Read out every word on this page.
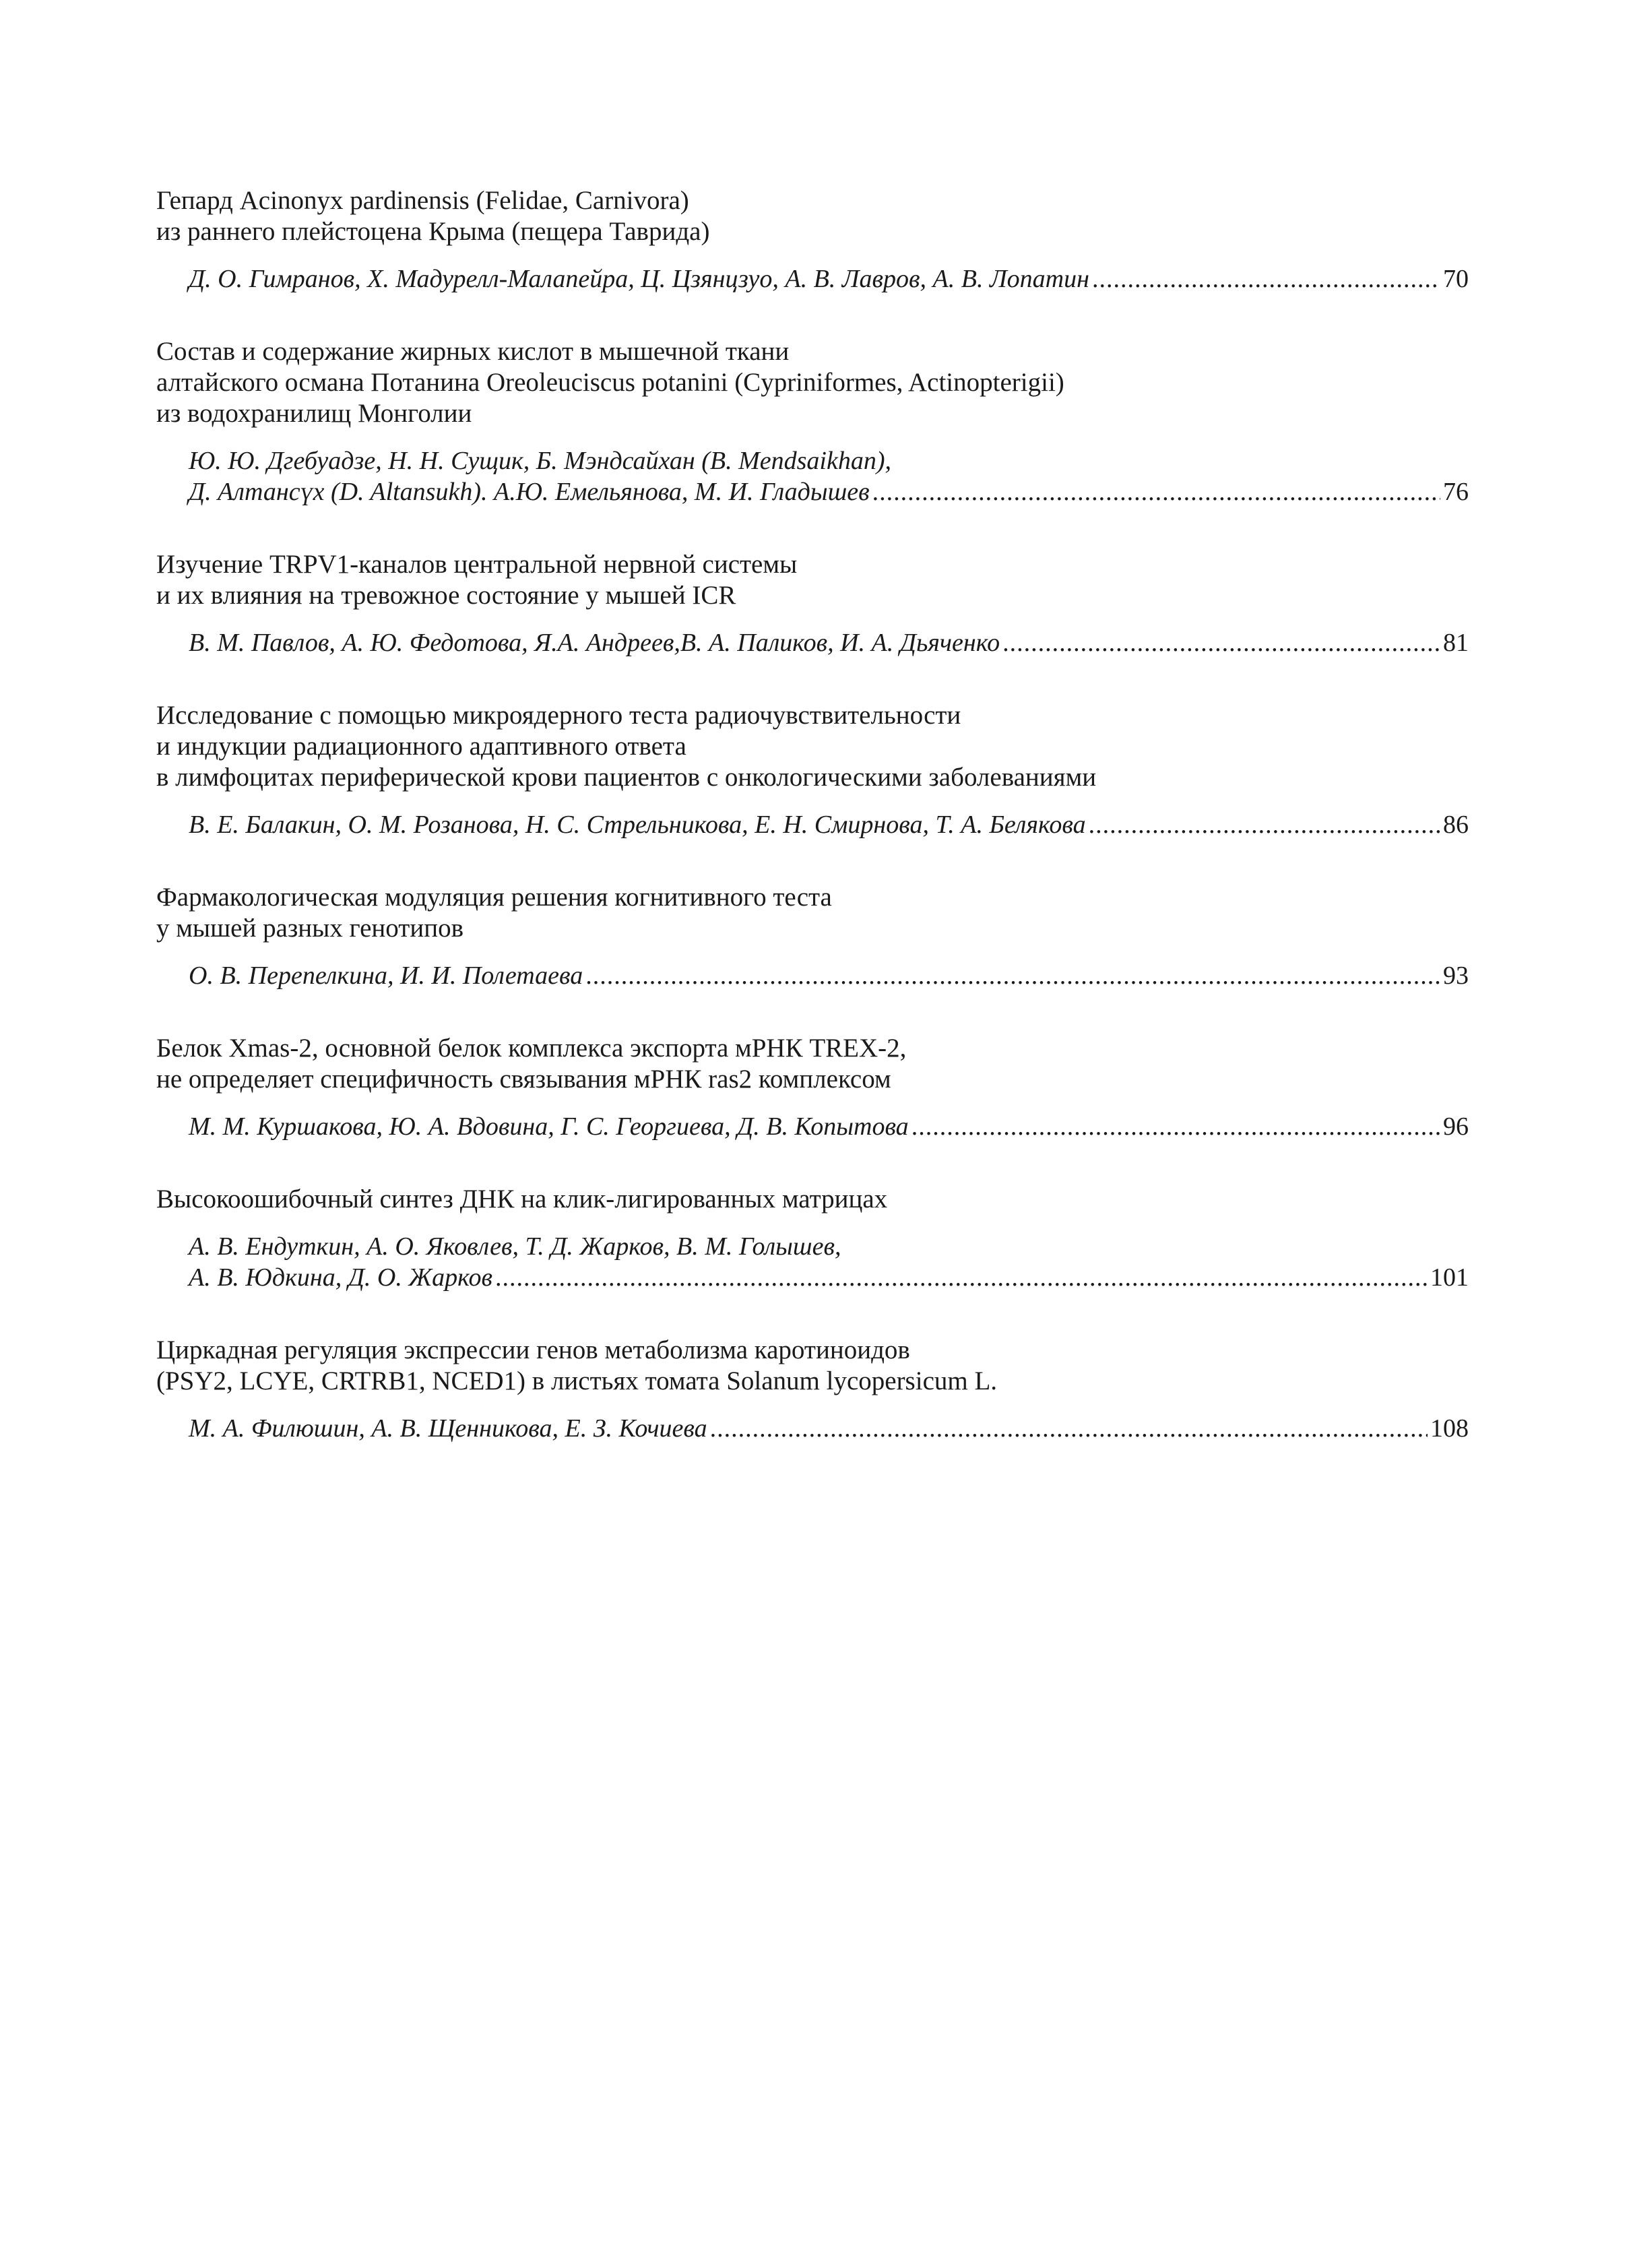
Гепард Acinonyx pardinensis (Felidae, Carnivora)
из раннего плейстоцена Крыма (пещера Таврида)
Д. О. Гимранов, Х. Мадурелл-Малапейра, Ц. Цзянцзуо, А. В. Лавров, А. В. Лопатин .....	70
Состав и содержание жирных кислот в мышечной ткани
алтайского османа Потанина Oreoleuciscus potanini (Cypriniformes, Actinopterigii)
из водохранилищ Монголии
Ю. Ю. Дгебуадзе, Н. Н. Сущик, Б. Мэндсайхан (B. Mendsaikhan),
Д. Алтансүх (D. Altansukh). А.Ю. Емельянова, М. И. Гладышев .....	76
Изучение TRPV1-каналов центральной нервной системы
и их влияния на тревожное состояние у мышей ICR
В. М. Павлов, А. Ю. Федотова, Я.А. Андреев,В. А. Паликов, И. А. Дьяченко .....	81
Исследование с помощью микроядерного теста радиочувствительности
и индукции радиационного адаптивного ответа
в лимфоцитах периферической крови пациентов с онкологическими заболеваниями
В. Е. Балакин, О. М. Розанова, Н. С. Стрельникова, Е. Н. Смирнова, Т. А. Белякова .....	86
Фармакологическая модуляция решения когнитивного теста
у мышей разных генотипов
О. В. Перепелкина, И. И. Полетаева .....	93
Белок Xmas-2, основной белок комплекса экспорта мРНК TREX-2,
не определяет специфичность связывания мРНК ras2 комплексом
М. М. Куршакова, Ю. А. Вдовина, Г. С. Георгиева, Д. В. Копытова .....	96
Высокоошибочный синтез ДНК на клик-лигированных матрицах
А. В. Ендуткин, А. О. Яковлев, Т. Д. Жарков, В. М. Голышев,
А. В. Юдкина, Д. О. Жарков .....	101
Циркадная регуляция экспрессии генов метаболизма каротиноидов
(PSY2, LCYE, CRTRB1, NCED1) в листьях томата Solanum lycopersicum L.
М. А. Филюшин, А. В. Щенникова, Е. З. Кочиева .....	108
